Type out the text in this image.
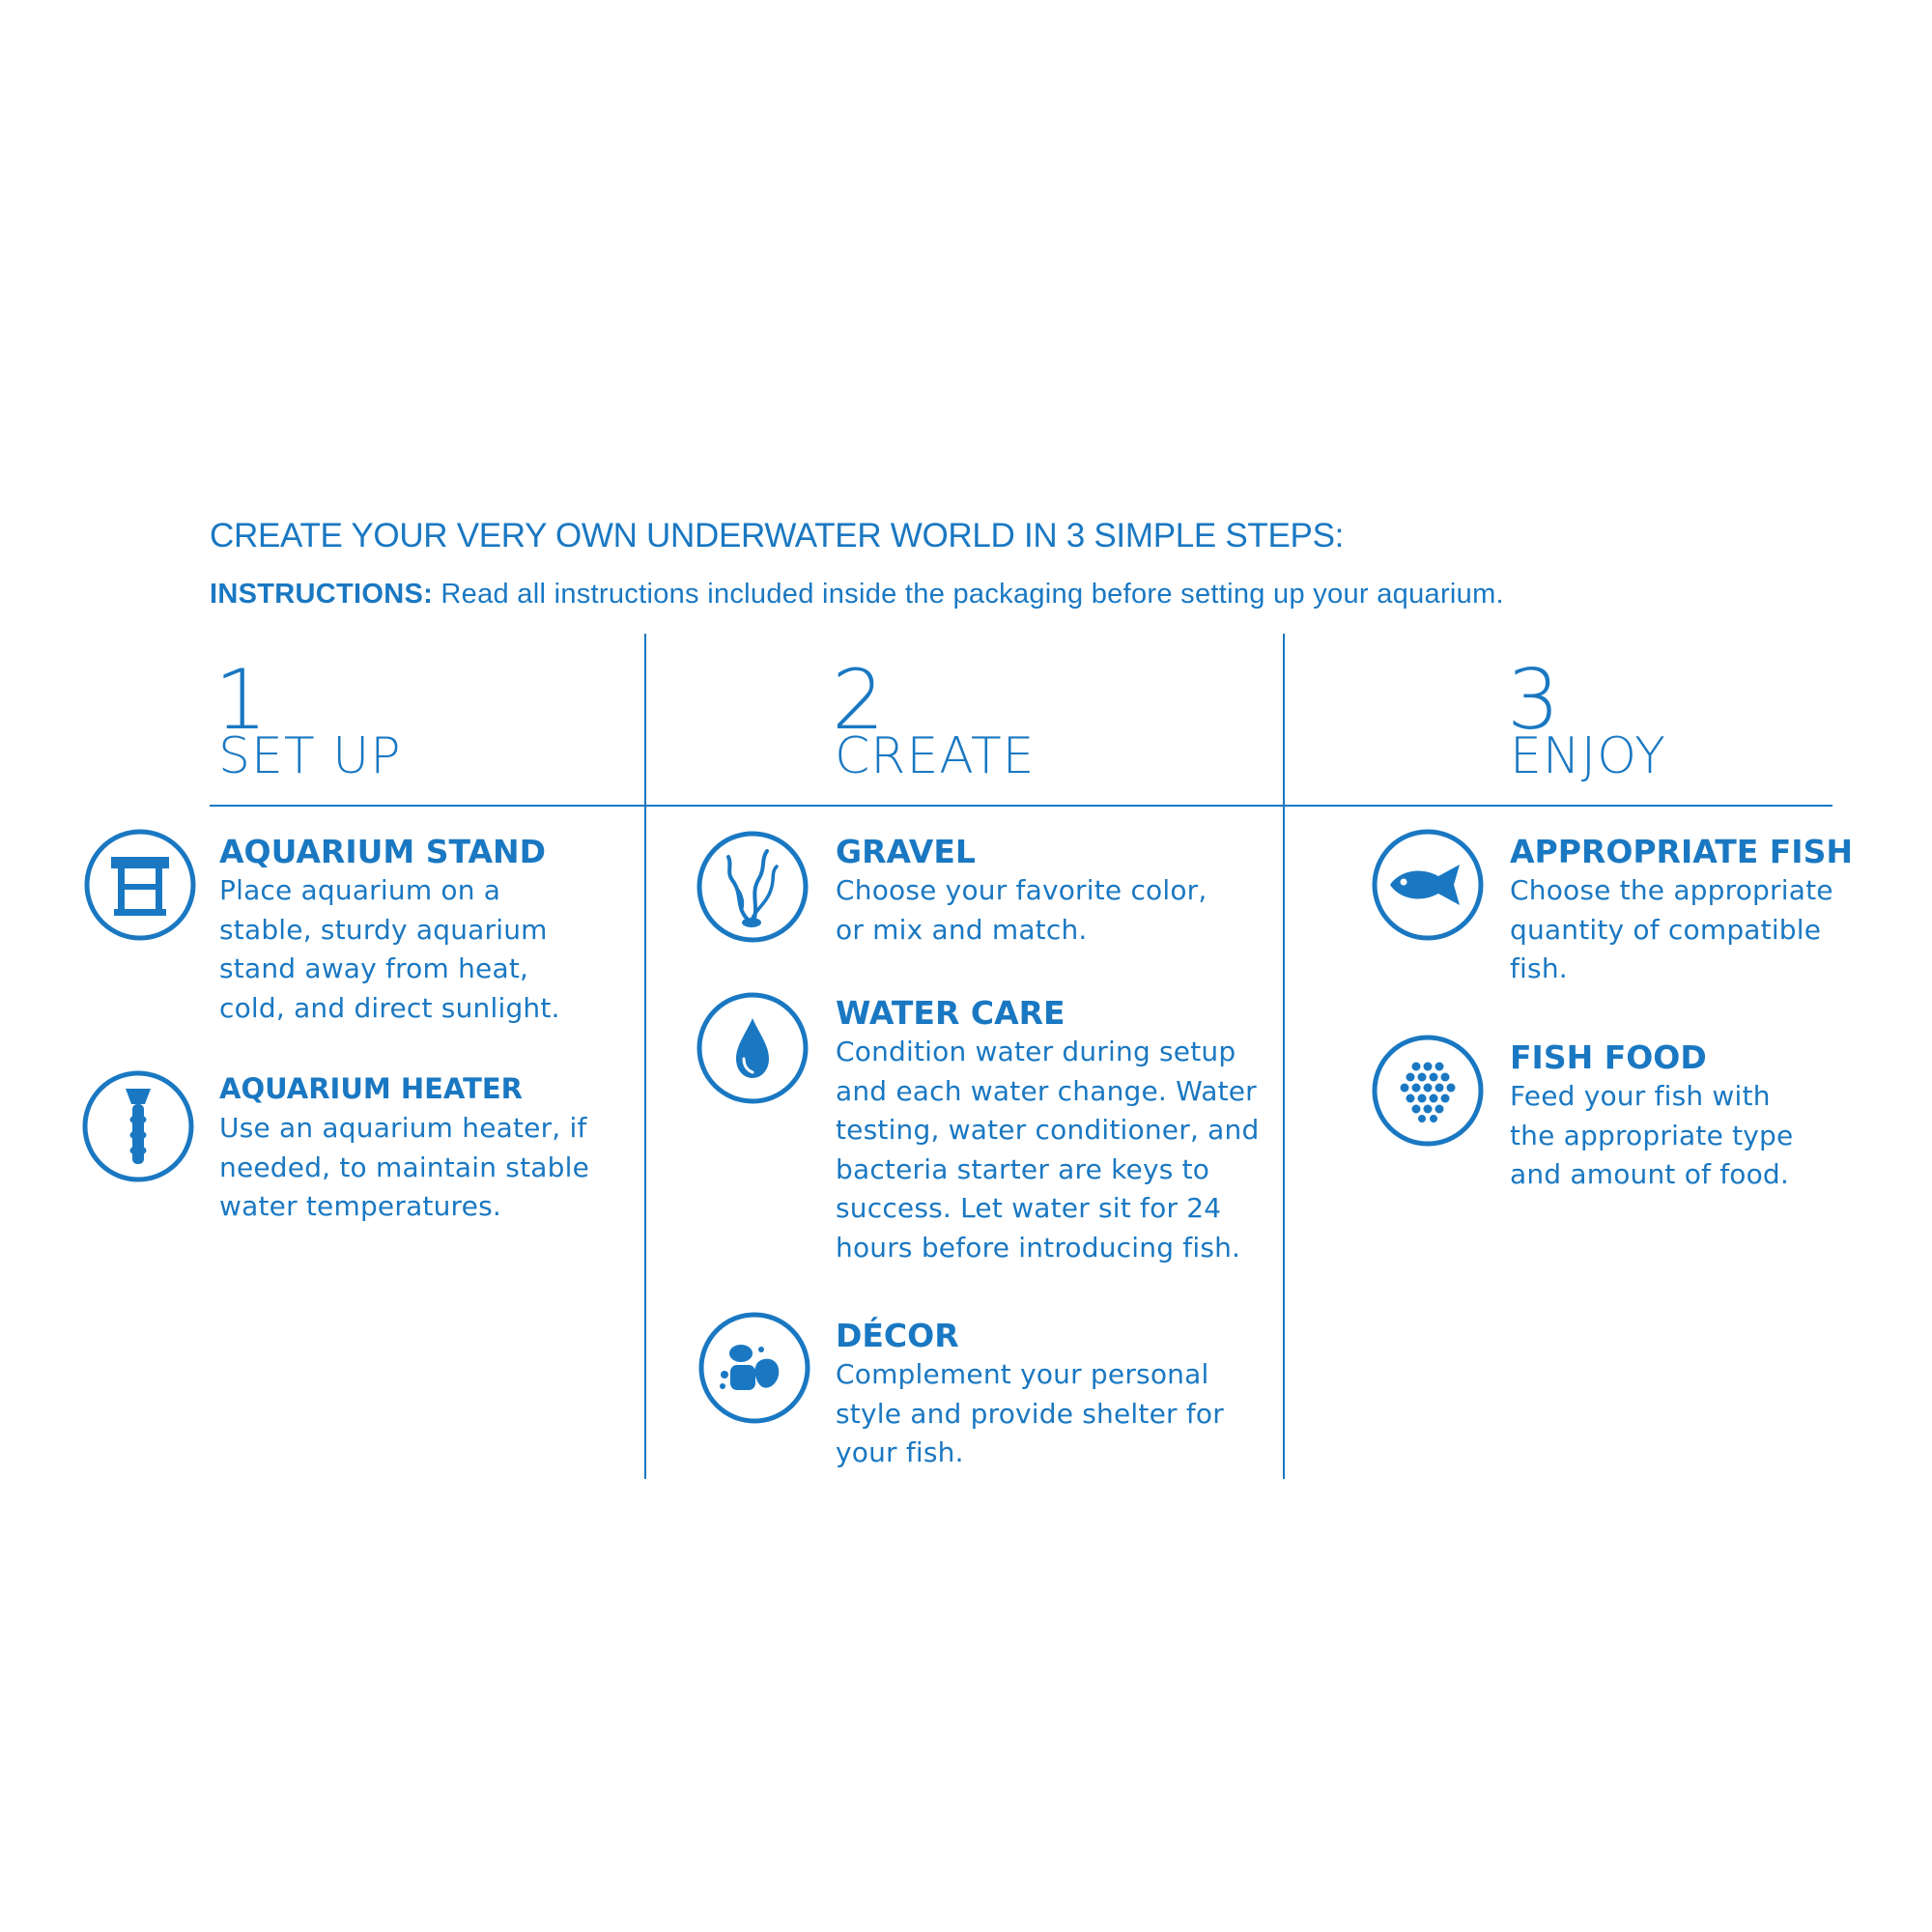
CREATE YOUR VERY OWN UNDERWATER WORLD IN 3 SIMPLE STEPS:
INSTRUCTIONS: Read all instructions included inside the packaging before setting up your aquarium.
1
SET UP
2
CREATE
3
ENJOY
AQUARIUM STAND
Place aquarium on a
stable, sturdy aquarium
stand away from heat,
cold, and direct sunlight.
AQUARIUM HEATER
Use an aquarium heater, if
needed, to maintain stable
water temperatures.
GRAVEL
Choose your favorite color,
or mix and match.
WATER CARE
Condition water during setup
and each water change. Water
testing, water conditioner, and
bacteria starter are keys to
success. Let water sit for 24
hours before introducing fish.
DÉCOR
Complement your personal
style and provide shelter for
your fish.
APPROPRIATE FISH
Choose the appropriate
quantity of compatible
fish.
FISH FOOD
Feed your fish with
the appropriate type
and amount of food.
